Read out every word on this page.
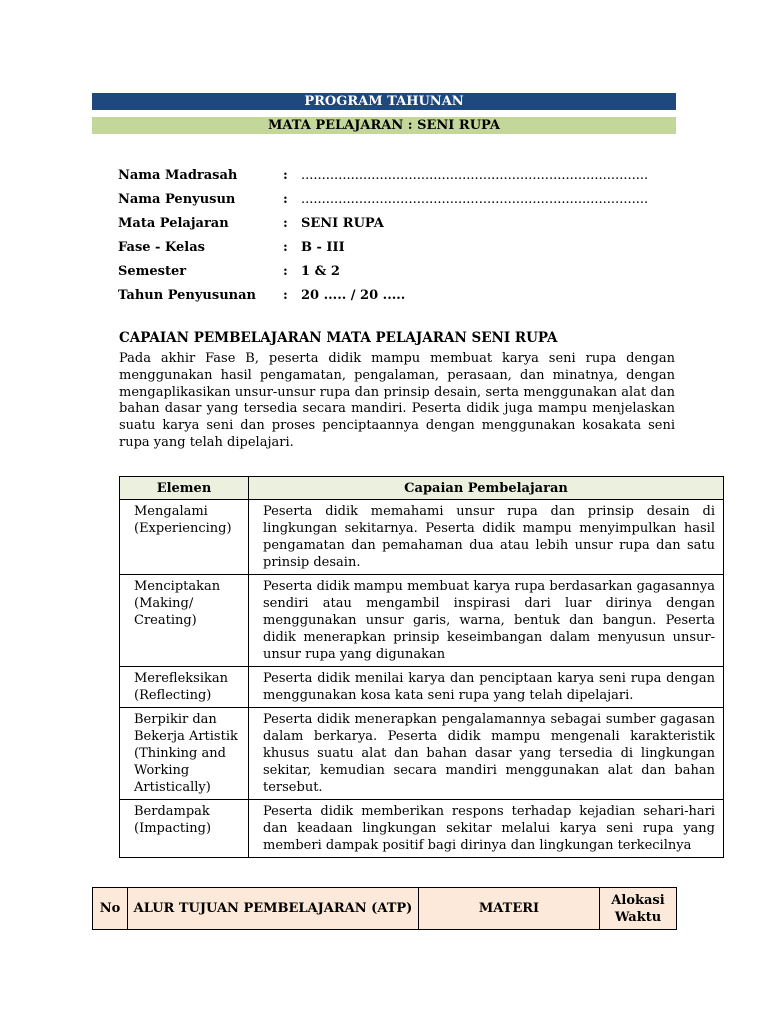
PROGRAM TAHUNAN
MATA PELAJARAN : SENI RUPA
Nama Madrasah	:	....................................................................................
Nama Penyusun	:	....................................................................................
Mata Pelajaran	:	SENI RUPA
Fase - Kelas	:	B - III
Semester	:	1 & 2
Tahun Penyusunan	:	20 ..... / 20 .....
CAPAIAN PEMBELAJARAN MATA PELAJARAN SENI RUPA
Pada akhir Fase B, peserta didik mampu membuat karya seni rupa dengan menggunakan hasil pengamatan, pengalaman, perasaan, dan minatnya, dengan mengaplikasikan unsur-unsur rupa dan prinsip desain, serta menggunakan alat dan bahan dasar yang tersedia secara mandiri. Peserta didik juga mampu menjelaskan suatu karya seni dan proses penciptaannya dengan menggunakan kosakata seni rupa yang telah dipelajari.
Elemen	Capaian Pembelajaran
Mengalami (Experiencing)	Peserta didik memahami unsur rupa dan prinsip desain di lingkungan sekitarnya. Peserta didik mampu menyimpulkan hasil pengamatan dan pemahaman dua atau lebih unsur rupa dan satu prinsip desain.
Menciptakan (Making/ Creating)	Peserta didik mampu membuat karya rupa berdasarkan gagasannya sendiri atau mengambil inspirasi dari luar dirinya dengan menggunakan unsur garis, warna, bentuk dan bangun. Peserta didik menerapkan prinsip keseimbangan dalam menyusun unsur-unsur rupa yang digunakan
Merefleksikan (Reflecting)	Peserta didik menilai karya dan penciptaan karya seni rupa dengan menggunakan kosa kata seni rupa yang telah dipelajari.
Berpikir dan Bekerja Artistik (Thinking and Working Artistically)	Peserta didik menerapkan pengalamannya sebagai sumber gagasan dalam berkarya. Peserta didik mampu mengenali karakteristik khusus suatu alat dan bahan dasar yang tersedia di lingkungan sekitar, kemudian secara mandiri menggunakan alat dan bahan tersebut.
Berdampak (Impacting)	Peserta didik memberikan respons terhadap kejadian sehari-hari dan keadaan lingkungan sekitar melalui karya seni rupa yang memberi dampak positif bagi dirinya dan lingkungan terkecilnya
No	ALUR TUJUAN PEMBELAJARAN (ATP)	MATERI	Alokasi Waktu
